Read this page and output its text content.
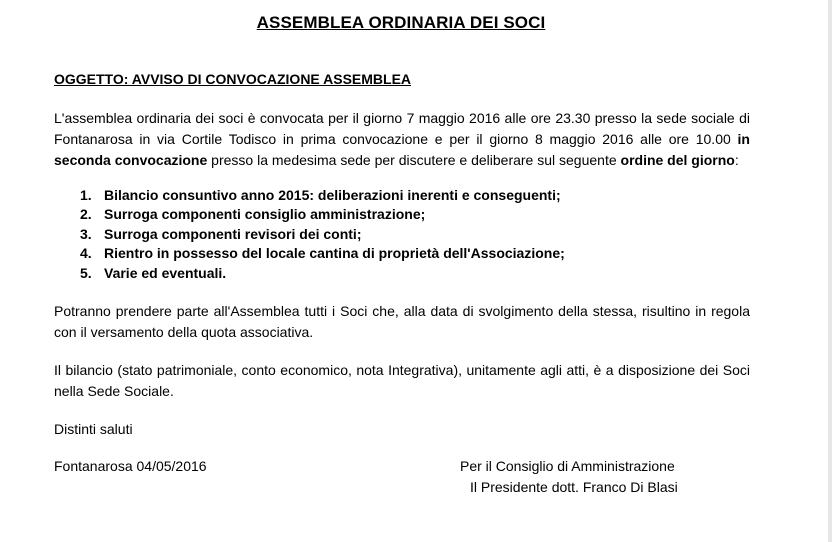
ASSEMBLEA ORDINARIA DEI SOCI
OGGETTO: AVVISO DI CONVOCAZIONE ASSEMBLEA
L'assemblea ordinaria dei soci è convocata per il giorno 7 maggio 2016 alle ore 23.30 presso la sede sociale di Fontanarosa in via Cortile Todisco in prima convocazione e per il giorno 8 maggio 2016 alle ore 10.00 in seconda convocazione presso la medesima sede per discutere e deliberare sul seguente ordine del giorno:
1. Bilancio consuntivo anno 2015: deliberazioni inerenti e conseguenti;
2. Surroga componenti consiglio amministrazione;
3. Surroga componenti revisori dei conti;
4. Rientro in possesso del locale cantina di proprietà dell'Associazione;
5. Varie ed eventuali.
Potranno prendere parte all'Assemblea tutti i Soci che, alla data di svolgimento della stessa, risultino in regola con il versamento della quota associativa.
Il bilancio (stato patrimoniale, conto economico, nota Integrativa), unitamente agli atti, è a disposizione dei Soci nella Sede Sociale.
Distinti saluti
Fontanarosa 04/05/2016	Per il Consiglio di Amministrazione
Il Presidente dott. Franco Di Blasi
